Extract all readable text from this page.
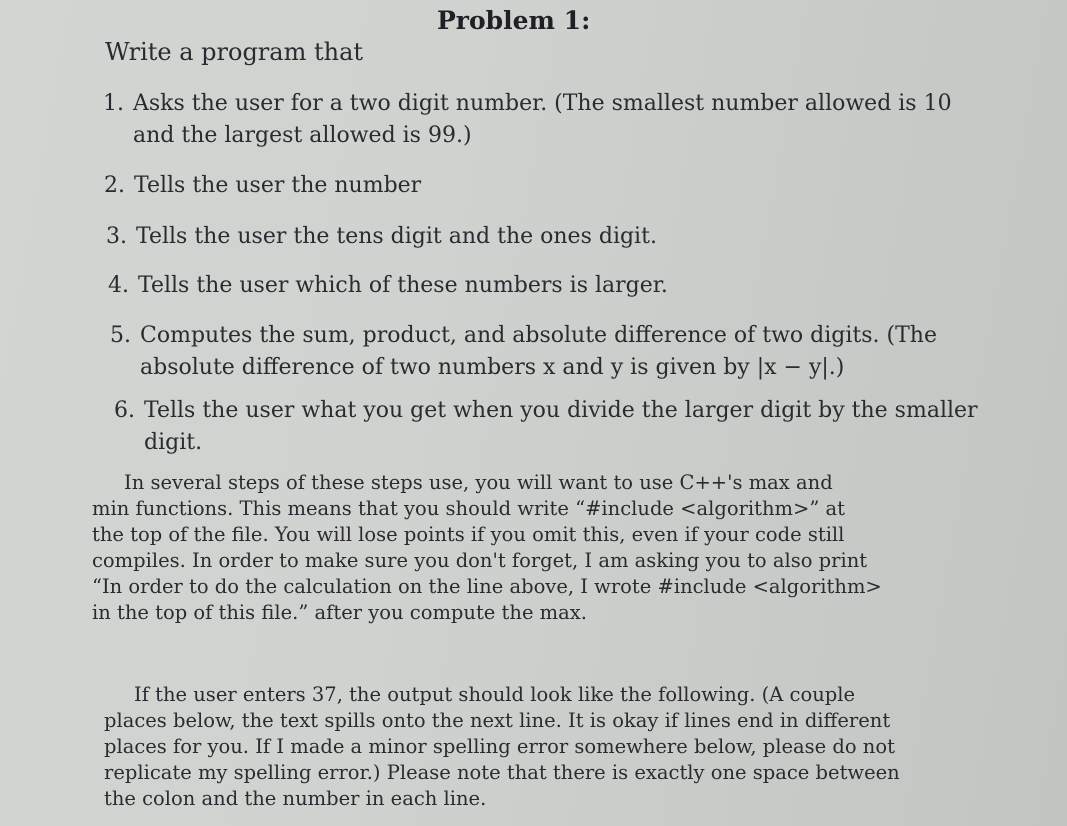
Problem 1:
Write a program that
1. Asks the user for a two digit number. (The smallest number allowed is 10
and the largest allowed is 99.)
2. Tells the user the number
3. Tells the user the tens digit and the ones digit.
4. Tells the user which of these numbers is larger.
5. Computes the sum, product, and absolute difference of two digits. (The
absolute difference of two numbers x and y is given by |x − y|.)
6. Tells the user what you get when you divide the larger digit by the smaller
digit.
In several steps of these steps use, you will want to use C++'s max and
min functions. This means that you should write “#include <algorithm>” at
the top of the file. You will lose points if you omit this, even if your code still
compiles. In order to make sure you don't forget, I am asking you to also print
“In order to do the calculation on the line above, I wrote #include <algorithm>
in the top of this file.” after you compute the max.
If the user enters 37, the output should look like the following. (A couple
places below, the text spills onto the next line. It is okay if lines end in different
places for you. If I made a minor spelling error somewhere below, please do not
replicate my spelling error.) Please note that there is exactly one space between
the colon and the number in each line.
